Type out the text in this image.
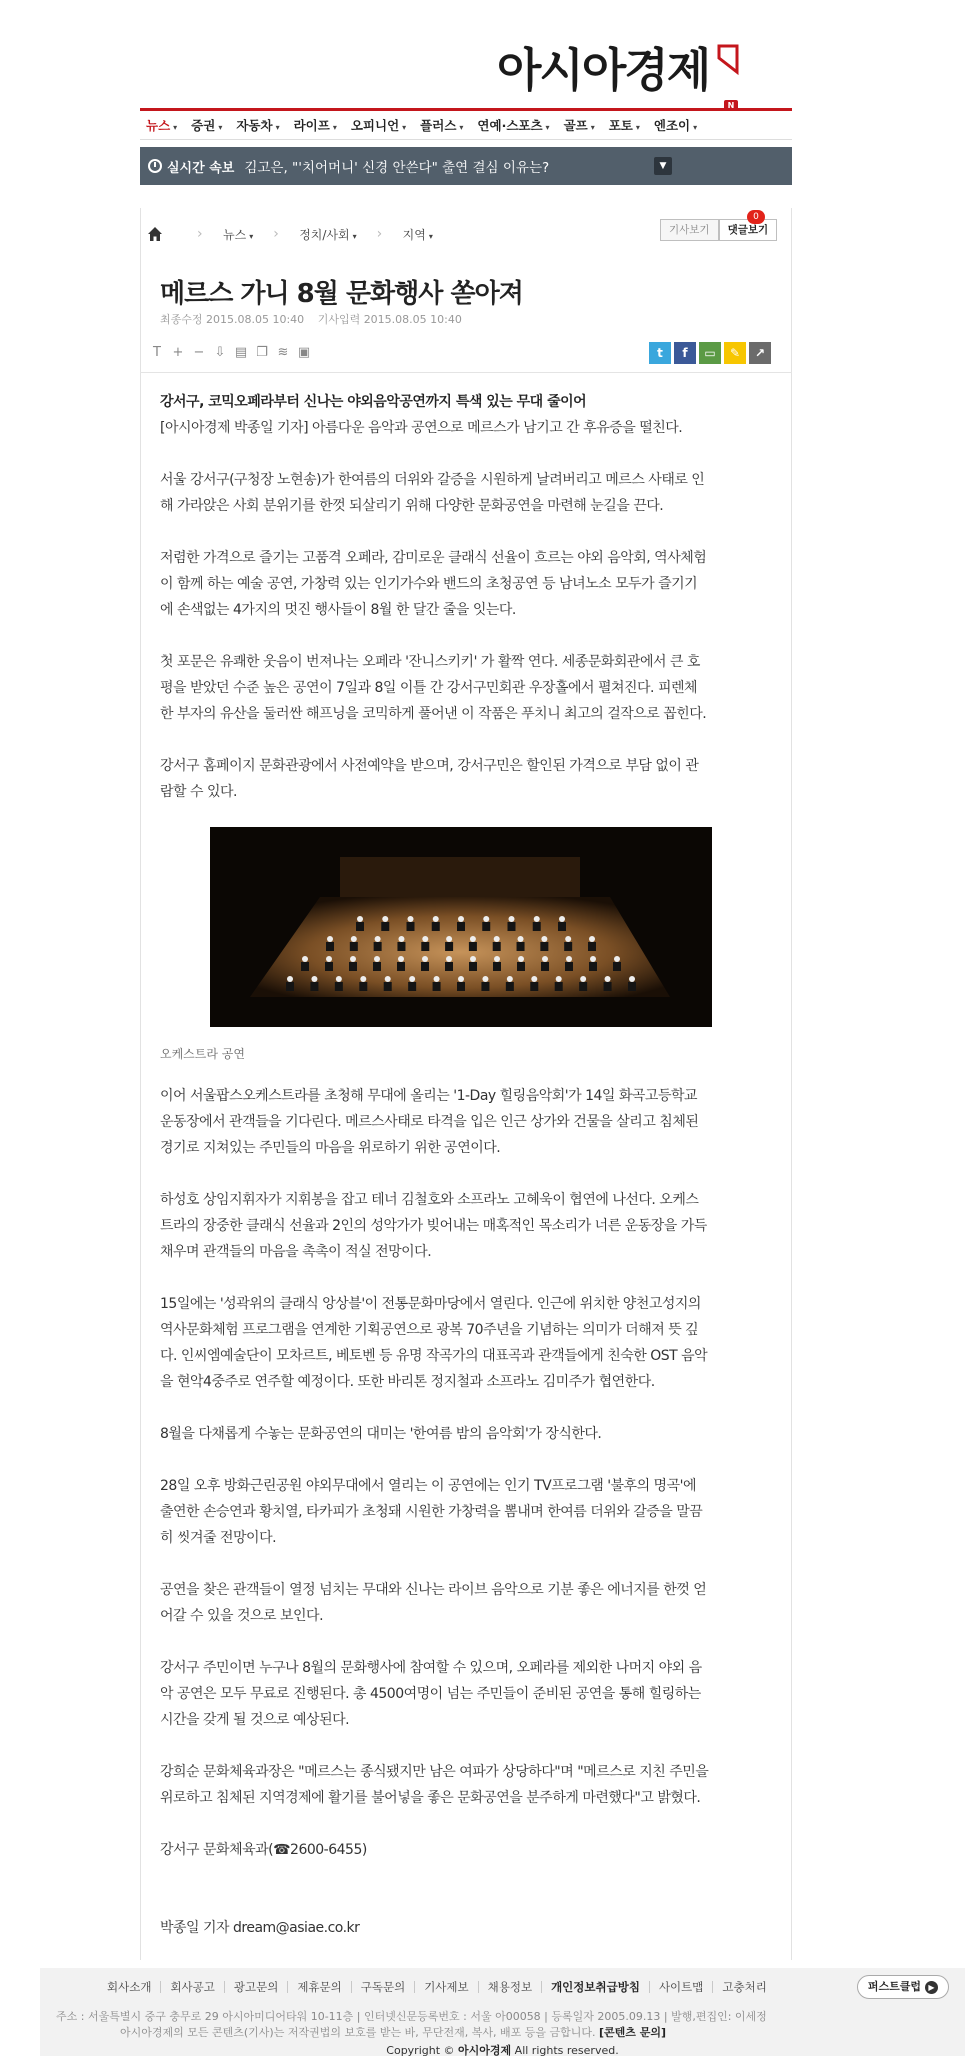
아시아경제
N
뉴스 ▾ 증권 ▾ 자동차 ▾ 라이프 ▾ 오피니언 ▾ 플러스 ▾ 연예·스포츠 ▾ 골프 ▾ 포토 ▾ 엔조이 ▾
실시간 속보 김고은, "'치어머니' 신경 안쓴다" 출연 결심 이유는?	▼
›	뉴스 ▾ ›	정치/사회 ▾ ›	지역 ▾	기사보기	댓글보기
0
메르스 가니 8월 문화행사 쏟아져
최종수정 2015.08.05 10:40 기사입력 2015.08.05 10:40
T + − ⇩ ▤ ❐ ≋ ▣	t	f	▭	✎	↗
강서구, 코믹오페라부터 신나는 야외음악공연까지 특색 있는 무대 줄이어
[아시아경제 박종일 기자] 아름다운 음악과 공연으로 메르스가 남기고 간 후유증을 떨친다.
서울 강서구(구청장 노현송)가 한여름의 더위와 갈증을 시원하게 날려버리고 메르스 사태로 인
해 가라앉은 사회 분위기를 한껏 되살리기 위해 다양한 문화공연을 마련해 눈길을 끈다.
저렴한 가격으로 즐기는 고품격 오페라, 감미로운 클래식 선율이 흐르는 야외 음악회, 역사체험
이 함께 하는 예술 공연, 가창력 있는 인기가수와 밴드의 초청공연 등 남녀노소 모두가 즐기기
에 손색없는 4가지의 멋진 행사들이 8월 한 달간 줄을 잇는다.
첫 포문은 유쾌한 웃음이 번져나는 오페라 '잔니스키키' 가 활짝 연다. 세종문화회관에서 큰 호
평을 받았던 수준 높은 공연이 7일과 8일 이틀 간 강서구민회관 우장홀에서 펼쳐진다. 피렌체
한 부자의 유산을 둘러싼 해프닝을 코믹하게 풀어낸 이 작품은 푸치니 최고의 걸작으로 꼽힌다.
강서구 홈페이지 문화관광에서 사전예약을 받으며, 강서구민은 할인된 가격으로 부담 없이 관
람할 수 있다.
오케스트라 공연
이어 서울팝스오케스트라를 초청해 무대에 올리는 '1-Day 힐링음악회'가 14일 화곡고등학교
운동장에서 관객들을 기다린다. 메르스사태로 타격을 입은 인근 상가와 건물을 살리고 침체된
경기로 지쳐있는 주민들의 마음을 위로하기 위한 공연이다.
하성호 상임지휘자가 지휘봉을 잡고 테너 김철호와 소프라노 고혜욱이 협연에 나선다. 오케스
트라의 장중한 클래식 선율과 2인의 성악가가 빚어내는 매혹적인 목소리가 너른 운동장을 가득
채우며 관객들의 마음을 촉촉이 적실 전망이다.
15일에는 '성곽위의 클래식 앙상블'이 전통문화마당에서 열린다. 인근에 위치한 양천고성지의
역사문화체험 프로그램을 연계한 기획공연으로 광복 70주년을 기념하는 의미가 더해져 뜻 깊
다. 인씨엠예술단이 모차르트, 베토벤 등 유명 작곡가의 대표곡과 관객들에게 친숙한 OST 음악
을 현악4중주로 연주할 예정이다. 또한 바리톤 정지철과 소프라노 김미주가 협연한다.
8월을 다채롭게 수놓는 문화공연의 대미는 '한여름 밤의 음악회'가 장식한다.
28일 오후 방화근린공원 야외무대에서 열리는 이 공연에는 인기 TV프로그램 '불후의 명곡'에
출연한 손승연과 황치열, 타카피가 초청돼 시원한 가창력을 뽐내며 한여름 더위와 갈증을 말끔
히 씻겨줄 전망이다.
공연을 찾은 관객들이 열정 넘치는 무대와 신나는 라이브 음악으로 기분 좋은 에너지를 한껏 얻
어갈 수 있을 것으로 보인다.
강서구 주민이면 누구나 8월의 문화행사에 참여할 수 있으며, 오페라를 제외한 나머지 야외 음
악 공연은 모두 무료로 진행된다. 총 4500여명이 넘는 주민들이 준비된 공연을 통해 힐링하는
시간을 갖게 될 것으로 예상된다.
강희순 문화체육과장은 "메르스는 종식됐지만 남은 여파가 상당하다"며 "메르스로 지친 주민을
위로하고 침체된 지역경제에 활기를 불어넣을 좋은 문화공연을 분주하게 마련했다"고 밝혔다.
강서구 문화체육과(☎2600-6455)
박종일 기자 dream@asiae.co.kr
회사소개	회사공고	광고문의	제휴문의	구독문의	기사제보	채용정보	개인정보취급방침	사이트맵	고충처리	퍼스트클럽 ▶
주소 : 서울특별시 중구 충무로 29 아시아미디어타워 10-11층 | 인터넷신문등록번호 : 서울 아00058 | 등록일자 2005.09.13 | 발행,편집인: 이세정
아시아경제의 모든 콘텐츠(기사)는 저작권법의 보호를 받는 바, 무단전재, 복사, 배포 등을 금합니다. [콘텐츠 문의]
Copyright © 아시아경제 All rights reserved.
